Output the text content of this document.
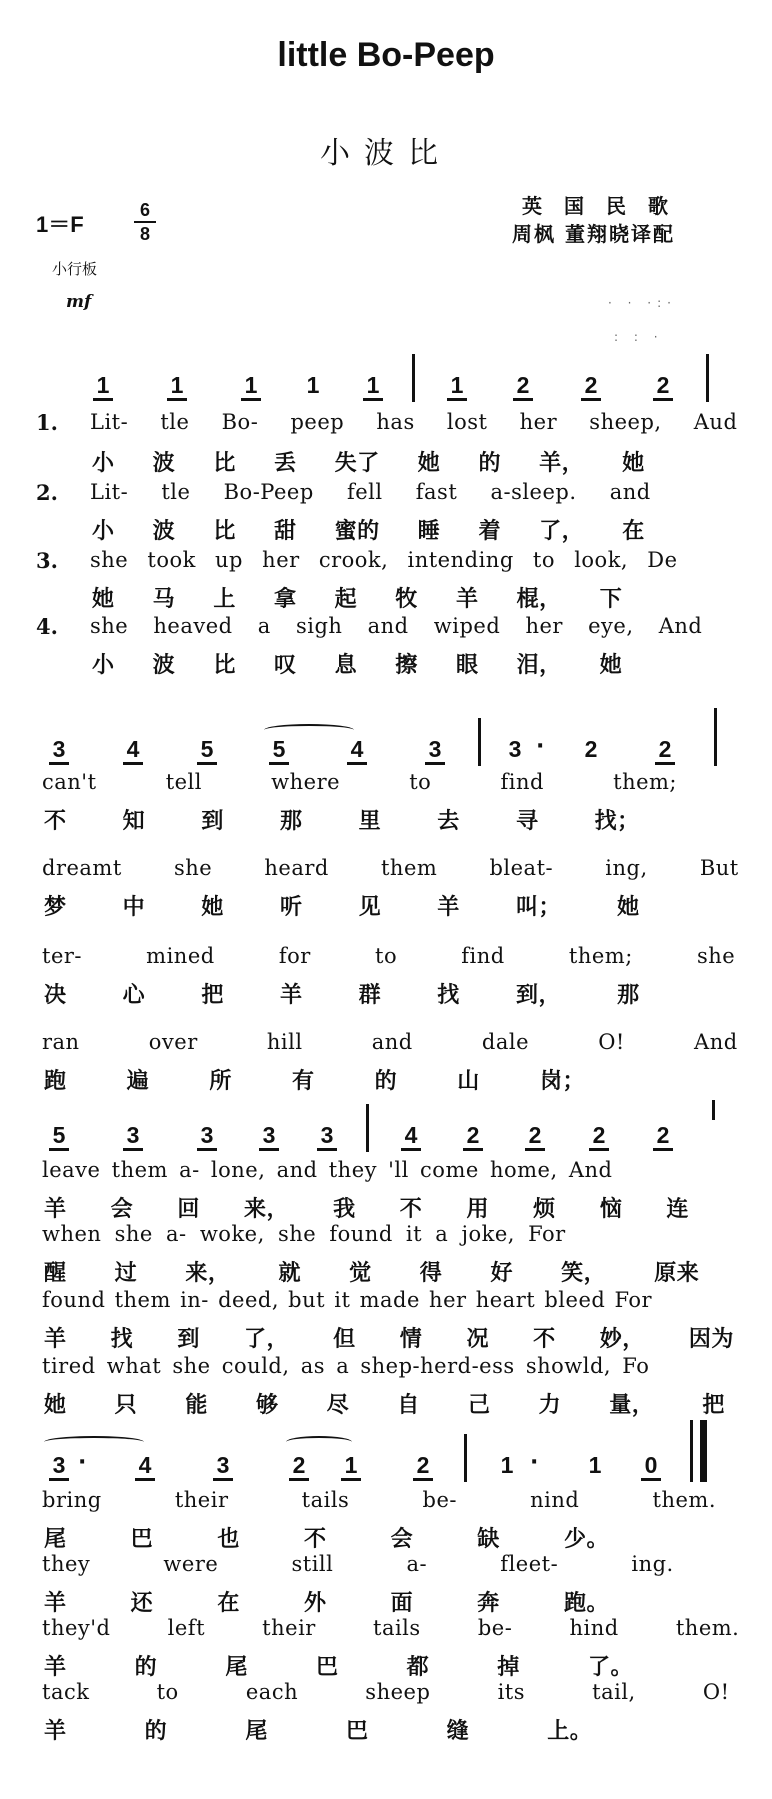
little Bo-Peep
小波比
1＝F
6
8
小行板
mf
英国民歌
周枫 董翔晓译配
· · ·:·
: : ·
1	1	1	1	1	1	2	2	2
1. Lit- tle Bo- peep has lost her sheep, Aud
小 波 比 丢 失了 她 的 羊， 她
2. Lit- tle Bo-Peep fell fast a-sleep. and
小 波 比 甜 蜜的 睡 着 了， 在
3. she took up her crook, intending to look, De
她 马 上 拿 起 牧 羊 棍， 下
4. she heaved a sigh and wiped her eye, And
小 波 比 叹 息 擦 眼 泪， 她
3	4	5	5	4	3	3 ·	2	2
can't tell where to find them;
不 知 到 那 里 去 寻 找；
dreamt she heard them bleat- ing, But
梦 中 她 听 见 羊 叫； 她
ter- mined for to find them; she
决 心 把 羊 群 找 到， 那
ran over hill and dale O! And
跑 遍 所 有 的 山 岗；
5	3	3	3	3	4	2	2	2	2
leave them a- lone, and they 'll come home, And
羊 会 回 来， 我 不 用 烦 恼 连
when she a- woke, she found it a joke, For
醒 过 来， 就 觉 得 好 笑， 原来
found them in- deed, but it made her heart bleed For
羊 找 到 了， 但 情 况 不 妙， 因为
tired what she could, as a shep-herd-ess showld, Fo
她 只 能 够 尽 自 己 力 量， 把
3 ·	4	3	2	1	2	1 ·	1	0
bring their tails be- nind them.
尾 巴 也 不 会 缺 少。
they were still a- fleet- ing.
羊 还 在 外 面 奔 跑。
they'd left their tails be- hind them.
羊 的 尾 巴 都 掉 了。
tack to each sheep its tail, O!
羊 的 尾 巴 缝 上。
